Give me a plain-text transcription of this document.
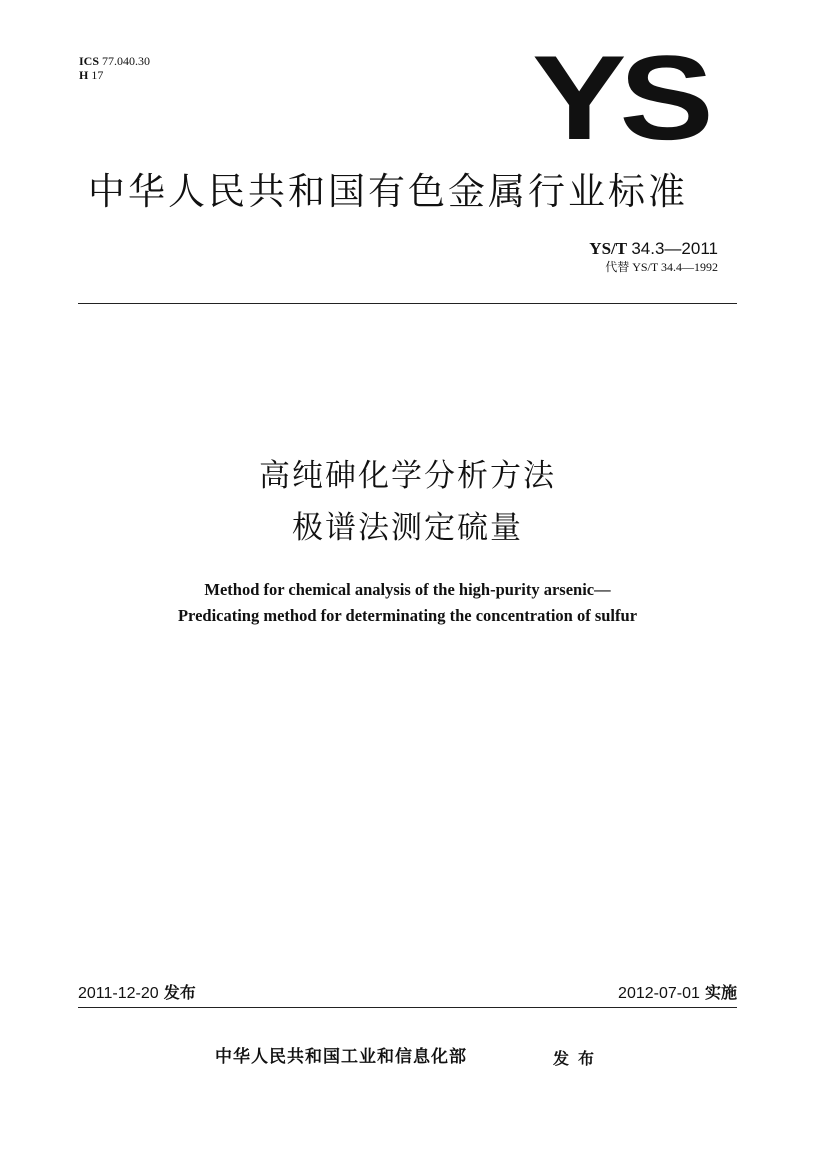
ICS 77.040.30
H 17	YS
中华人民共和国有色金属行业标准
YS/T 34.3—2011
代替 YS/T 34.4—1992
高纯砷化学分析方法
极谱法测定硫量
Method for chemical analysis of the high-purity arsenic—
Predicating method for determinating the concentration of sulfur
2011-12-20 发布	2012-07-01 实施
中华人民共和国工业和信息化部	发布
